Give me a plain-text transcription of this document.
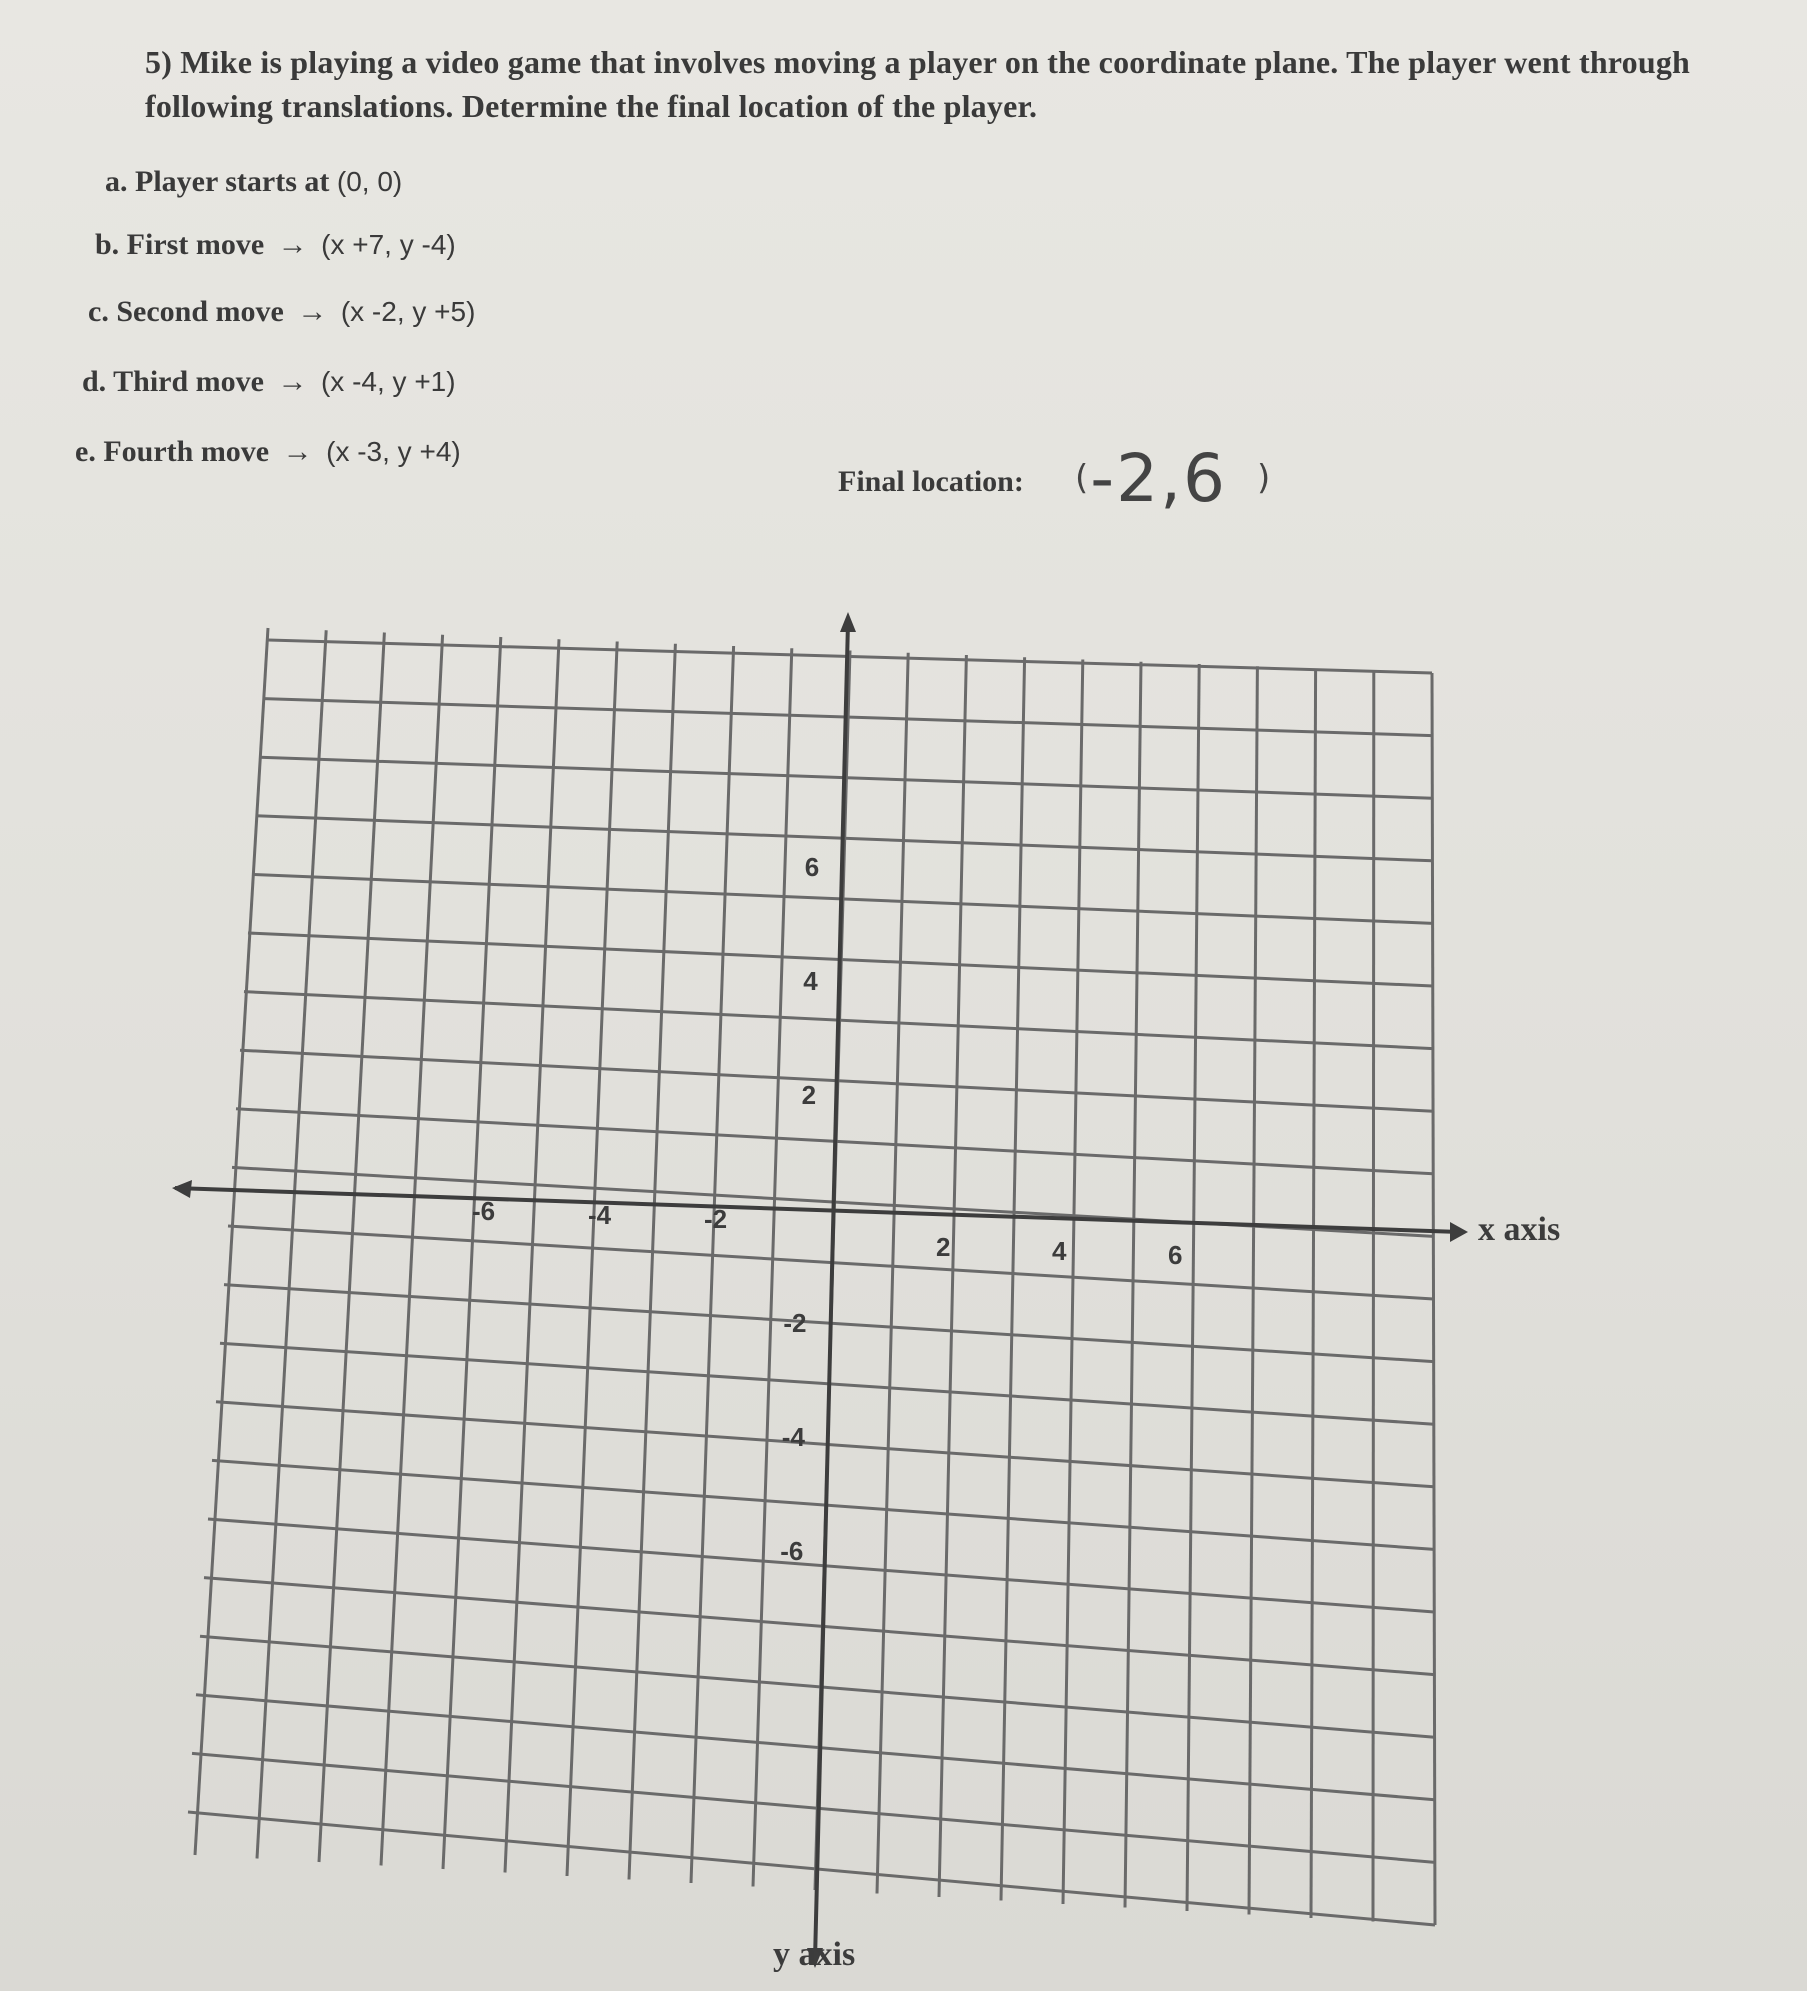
5) Mike is playing a video game that involves moving a player on the coordinate plane. The player went through following translations. Determine the final location of the player.
a. Player starts at (0, 0)
b. First move → (x +7, y -4)
c. Second move → (x -2, y +5)
d. Third move → (x -4, y +1)
e. Fourth move → (x -3, y +4)
Final location: (-2,6 )
-6	-4	-2
2	4	6
6
4
2
-2
-4
-6
x axis
y axis
